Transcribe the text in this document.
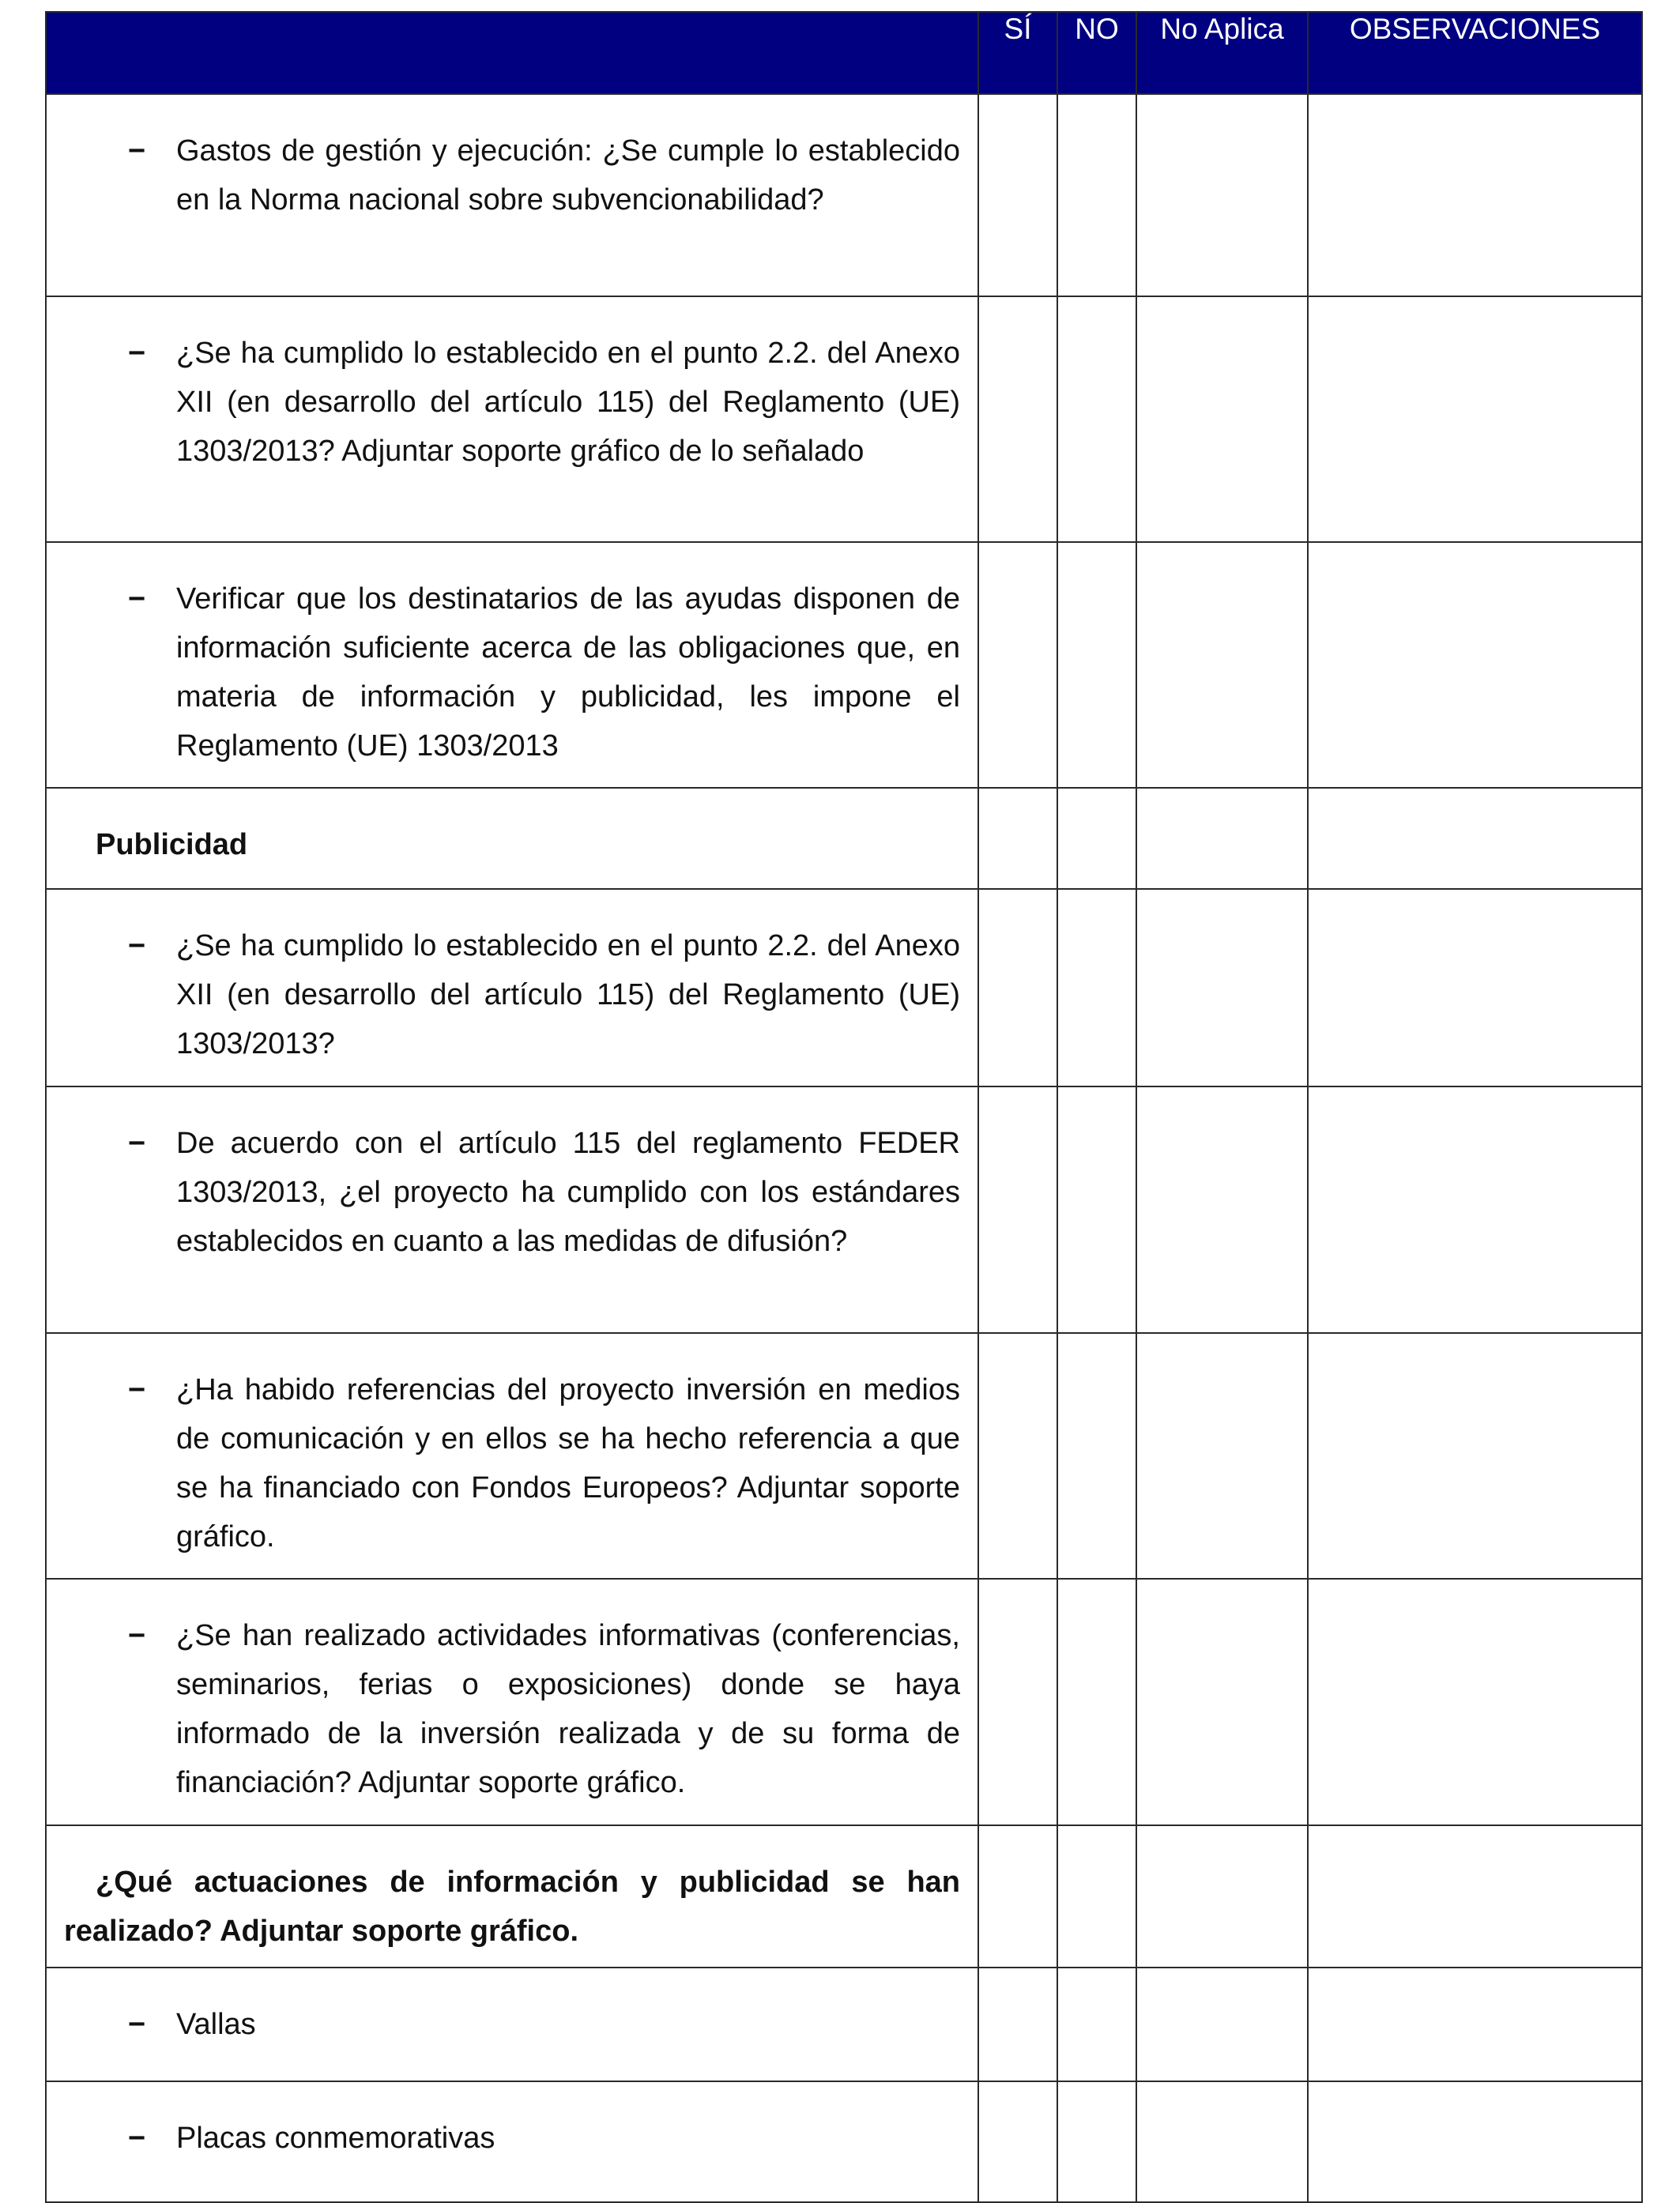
	SÍ	NO	No Aplica	OBSERVACIONES

− Gastos de gestión y ejecución: ¿Se cumple lo establecido en la Norma nacional sobre subvencionabilidad?				

− ¿Se ha cumplido lo establecido en el punto 2.2. del Anexo XII (en desarrollo del artículo 115) del Reglamento (UE) 1303/2013? Adjuntar soporte gráfico de lo señalado				

− Verificar que los destinatarios de las ayudas disponen de información suficiente acerca de las obligaciones que, en materia de información y publicidad, les impone el Reglamento (UE) 1303/2013				

Publicidad				

− ¿Se ha cumplido lo establecido en el punto 2.2. del Anexo XII (en desarrollo del artículo 115) del Reglamento (UE) 1303/2013?				

− De acuerdo con el artículo 115 del reglamento FEDER 1303/2013, ¿el proyecto ha cumplido con los estándares establecidos en cuanto a las medidas de difusión?				

− ¿Ha habido referencias del proyecto inversión en medios de comunicación y en ellos se ha hecho referencia a que se ha financiado con Fondos Europeos? Adjuntar soporte gráfico.				

− ¿Se han realizado actividades informativas (conferencias, seminarios, ferias o exposiciones) donde se haya informado de la inversión realizada y de su forma de financiación? Adjuntar soporte gráfico.				

¿Qué actuaciones de información y publicidad se han realizado? Adjuntar soporte gráfico.				

− Vallas				

− Placas conmemorativas				
